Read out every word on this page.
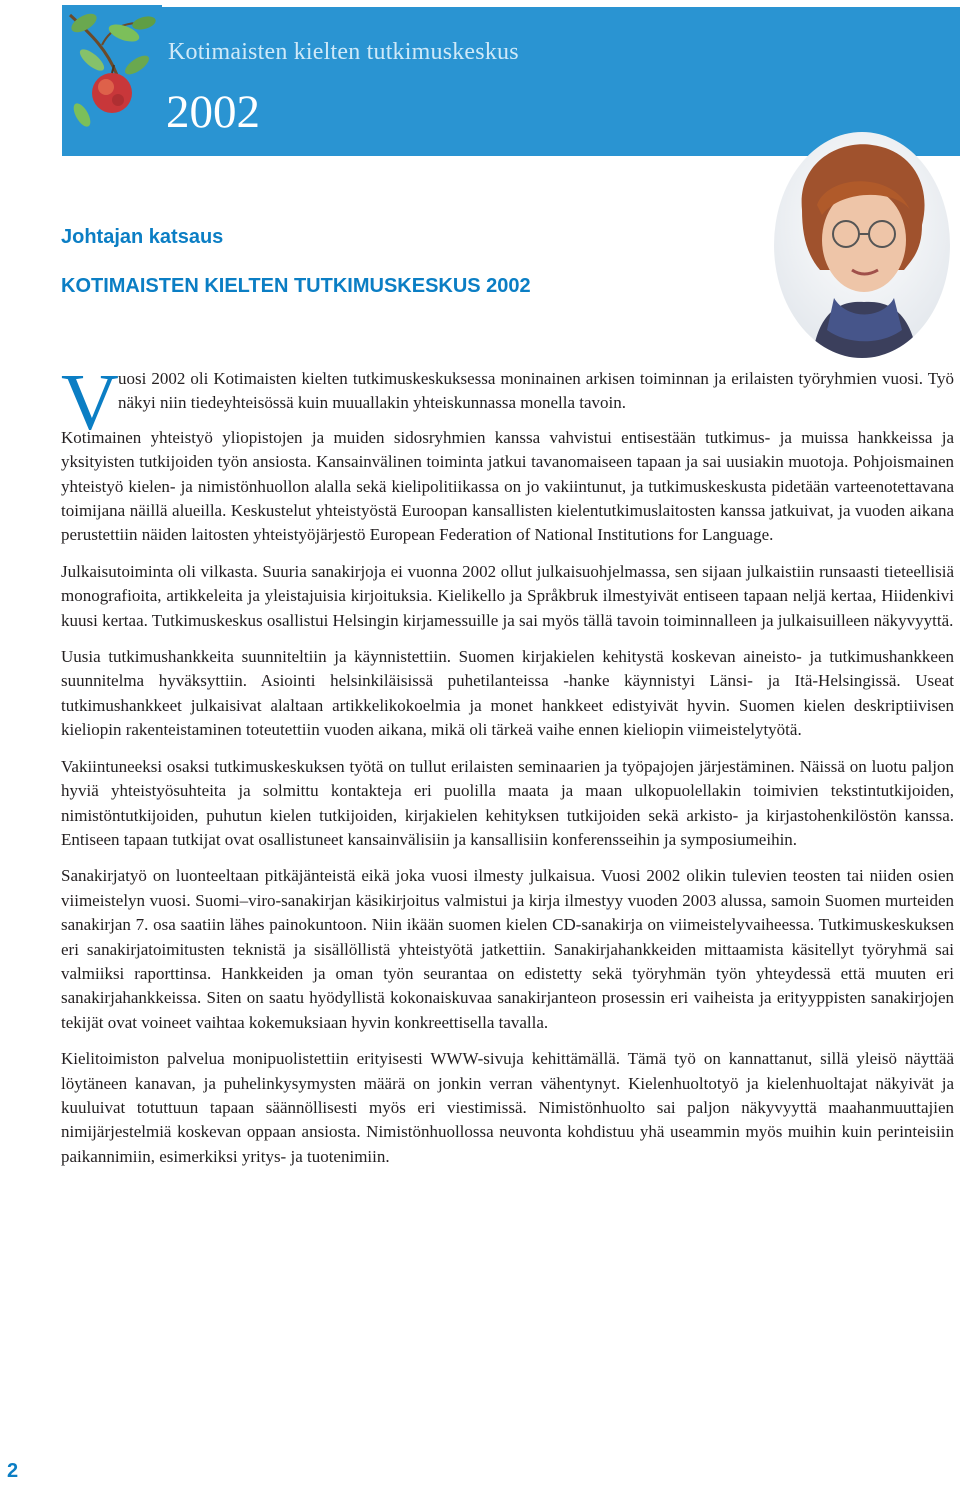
Kotimaisten kielten tutkimuskeskus
2002
Johtajan katsaus
KOTIMAISTEN KIELTEN TUTKIMUSKESKUS 2002

V uosi 2002 oli Kotimaisten kielten tutkimuskeskuksessa moninainen arkisen toiminnan ja erilaisten työryhmien vuosi. Työ näkyi niin tiedeyhteisössä kuin muuallakin yhteiskunnassa monella tavoin.

Kotimainen yhteistyö yliopistojen ja muiden sidosryhmien kanssa vahvistui entisestään tutkimus- ja muissa hankkeissa ja yksityisten tutkijoiden työn ansiosta. Kansainvälinen toiminta jatkui tavanomaiseen tapaan ja sai uusiakin muotoja. Pohjoismainen yhteistyö kielen- ja nimistönhuollon alalla sekä kielipolitiikassa on jo vakiintunut, ja tutkimuskeskusta pidetään varteenotettavana toimijana näillä alueilla. Keskustelut yhteistyöstä Euroopan kansallisten kielentutkimuslaitosten kanssa jatkuivat, ja vuoden aikana perustettiin näiden laitosten yhteistyöjärjestö European Federation of National Institutions for Language.

Julkaisutoiminta oli vilkasta. Suuria sanakirjoja ei vuonna 2002 ollut julkaisuohjelmassa, sen sijaan julkaistiin runsaasti tieteellisiä monografioita, artikkeleita ja yleistajuisia kirjoituksia. Kielikello ja Språkbruk ilmestyivät entiseen tapaan neljä kertaa, Hiidenkivi kuusi kertaa. Tutkimuskeskus osallistui Helsingin kirjamessuille ja sai myös tällä tavoin toiminnalleen ja julkaisuilleen näkyvyyttä.

Uusia tutkimushankkeita suunniteltiin ja käynnistettiin. Suomen kirjakielen kehitystä koskevan aineisto- ja tutkimushankkeen suunnitelma hyväksyttiin. Asiointi helsinkiläisissä puhetilanteissa -hanke käynnistyi Länsi- ja Itä-Helsingissä. Useat tutkimushankkeet julkaisivat alaltaan artikkelikokoelmia ja monet hankkeet edistyivät hyvin. Suomen kielen deskriptiivisen kieliopin rakenteistaminen toteutettiin vuoden aikana, mikä oli tärkeä vaihe ennen kieliopin viimeistelytyötä.

Vakiintuneeksi osaksi tutkimuskeskuksen työtä on tullut erilaisten seminaarien ja työpajojen järjestäminen. Näissä on luotu paljon hyviä yhteistyösuhteita ja solmittu kontakteja eri puolilla maata ja maan ulkopuolellakin toimivien tekstintutkijoiden, nimistöntutkijoiden, puhutun kielen tutkijoiden, kirjakielen kehityksen tutkijoiden sekä arkisto- ja kirjastohenkilöstön kanssa. Entiseen tapaan tutkijat ovat osallistuneet kansainvälisiin ja kansallisiin konferensseihin ja symposiumeihin.

Sanakirjatyö on luonteeltaan pitkäjänteistä eikä joka vuosi ilmesty julkaisua. Vuosi 2002 olikin tulevien teosten tai niiden osien viimeistelyn vuosi. Suomi–viro-sanakirjan käsikirjoitus valmistui ja kirja ilmestyy vuoden 2003 alussa, samoin Suomen murteiden sanakirjan 7. osa saatiin lähes painokuntoon. Niin ikään suomen kielen CD-sanakirja on viimeistelyvaiheessa. Tutkimuskeskuksen eri sanakirjatoimitusten teknistä ja sisällöllistä yhteistyötä jatkettiin. Sanakirjahankkeiden mittaamista käsitellyt työryhmä sai valmiiksi raporttinsa. Hankkeiden ja oman työn seurantaa on edistetty sekä työryhmän työn yhteydessä että muuten eri sanakirjahankkeissa. Siten on saatu hyödyllistä kokonaiskuvaa sanakirjanteon prosessin eri vaiheista ja erityyppisten sanakirjojen tekijät ovat voineet vaihtaa kokemuksiaan hyvin konkreettisella tavalla.

Kielitoimiston palvelua monipuolistettiin erityisesti WWW-sivuja kehittämällä. Tämä työ on kannattanut, sillä yleisö näyttää löytäneen kanavan, ja puhelinkysymysten määrä on jonkin verran vähentynyt. Kielenhuoltotyö ja kielenhuoltajat näkyivät ja kuuluivat totuttuun tapaan säännöllisesti myös eri viestimissä. Nimistönhuolto sai paljon näkyvyyttä maahanmuuttajien nimijärjestelmiä koskevan oppaan ansiosta. Nimistönhuollossa neuvonta kohdistuu yhä useammin myös muihin kuin perinteisiin paikannimiin, esimerkiksi yritys- ja tuotenimiin.

2
